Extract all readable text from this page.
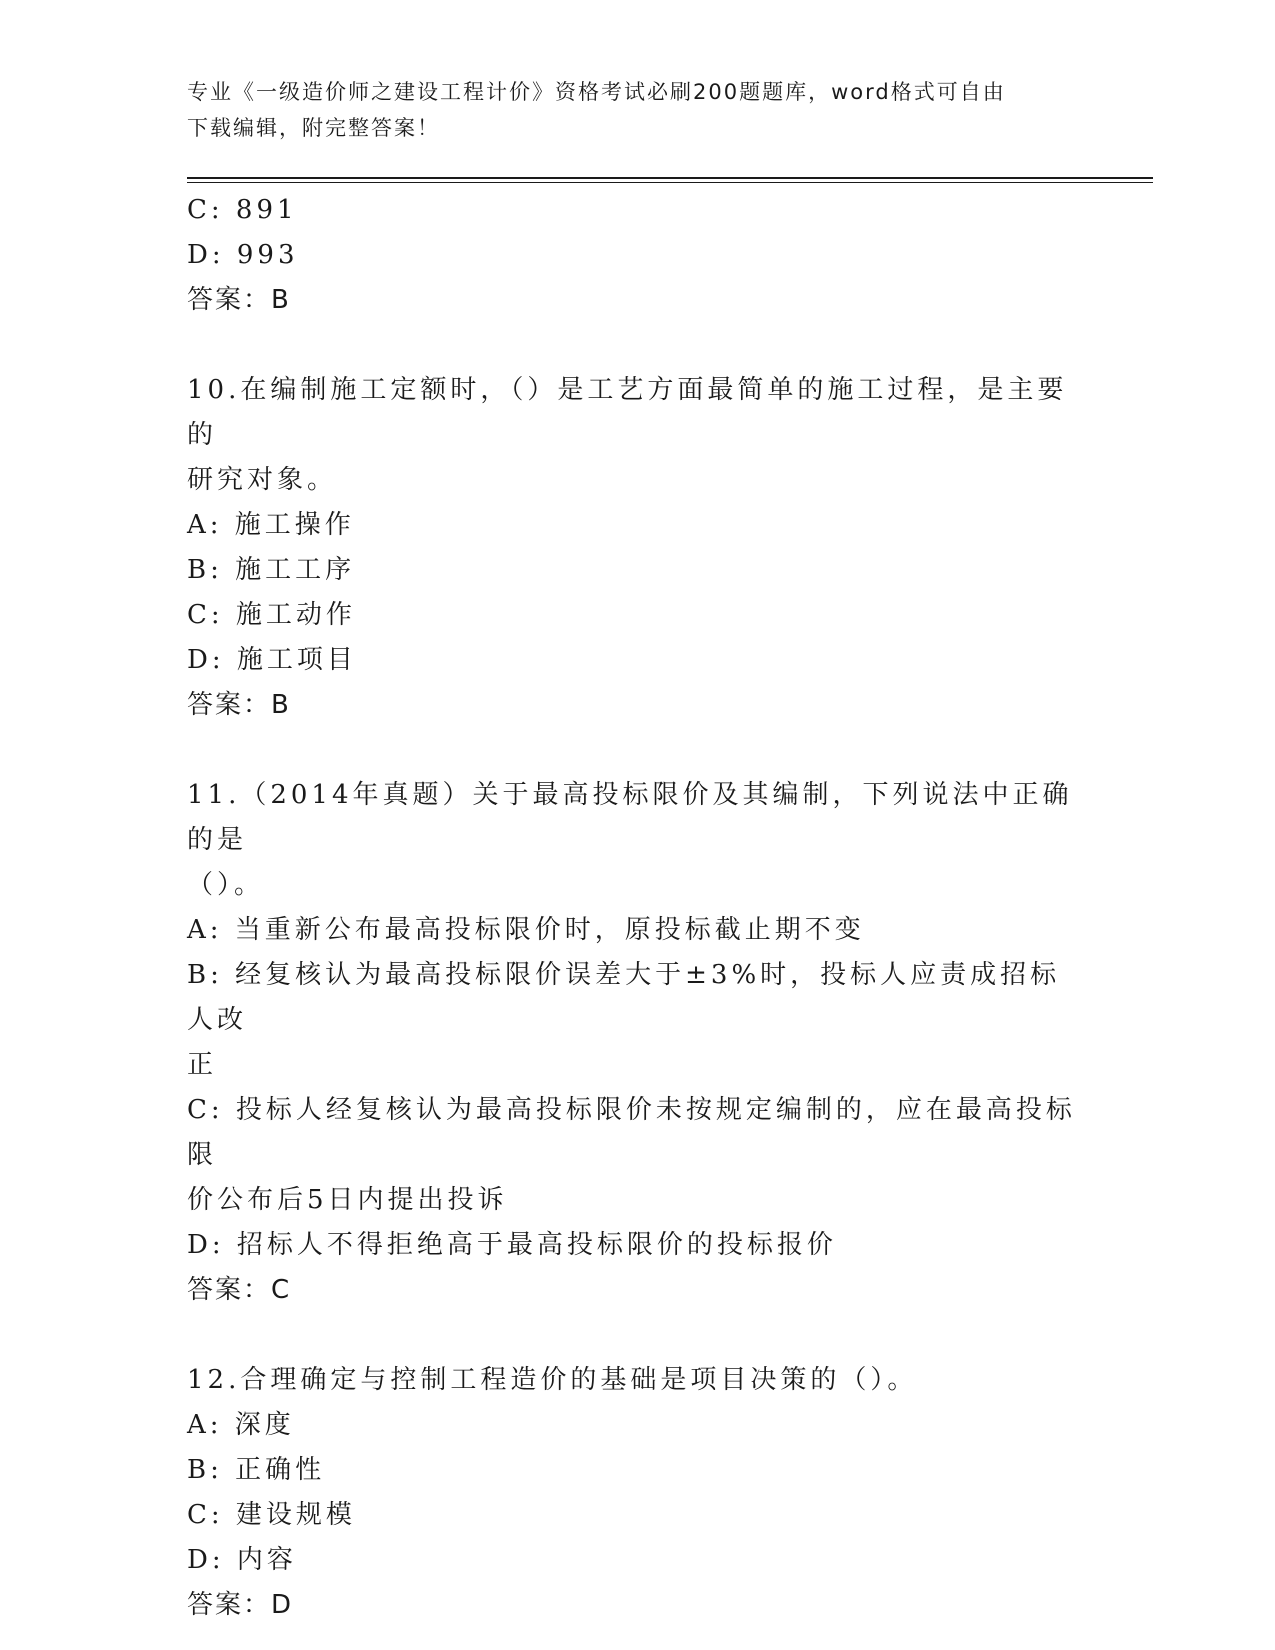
专业《一级造价师之建设工程计价》资格考试必刷200题题库，word格式可自由
下载编辑，附完整答案！
C: 891
D: 993
答案：B
10.在编制施工定额时，（）是工艺方面最简单的施工过程，是主要的
研究对象。
A: 施工操作
B: 施工工序
C: 施工动作
D: 施工项目
答案：B
11.（2014年真题）关于最高投标限价及其编制，下列说法中正确的是
（）。
A: 当重新公布最高投标限价时，原投标截止期不变
B: 经复核认为最高投标限价误差大于±3%时，投标人应责成招标人改
正
C: 投标人经复核认为最高投标限价未按规定编制的，应在最高投标限
价公布后5日内提出投诉
D: 招标人不得拒绝高于最高投标限价的投标报价
答案：C
12.合理确定与控制工程造价的基础是项目决策的（）。
A: 深度
B: 正确性
C: 建设规模
D: 内容
答案：D
